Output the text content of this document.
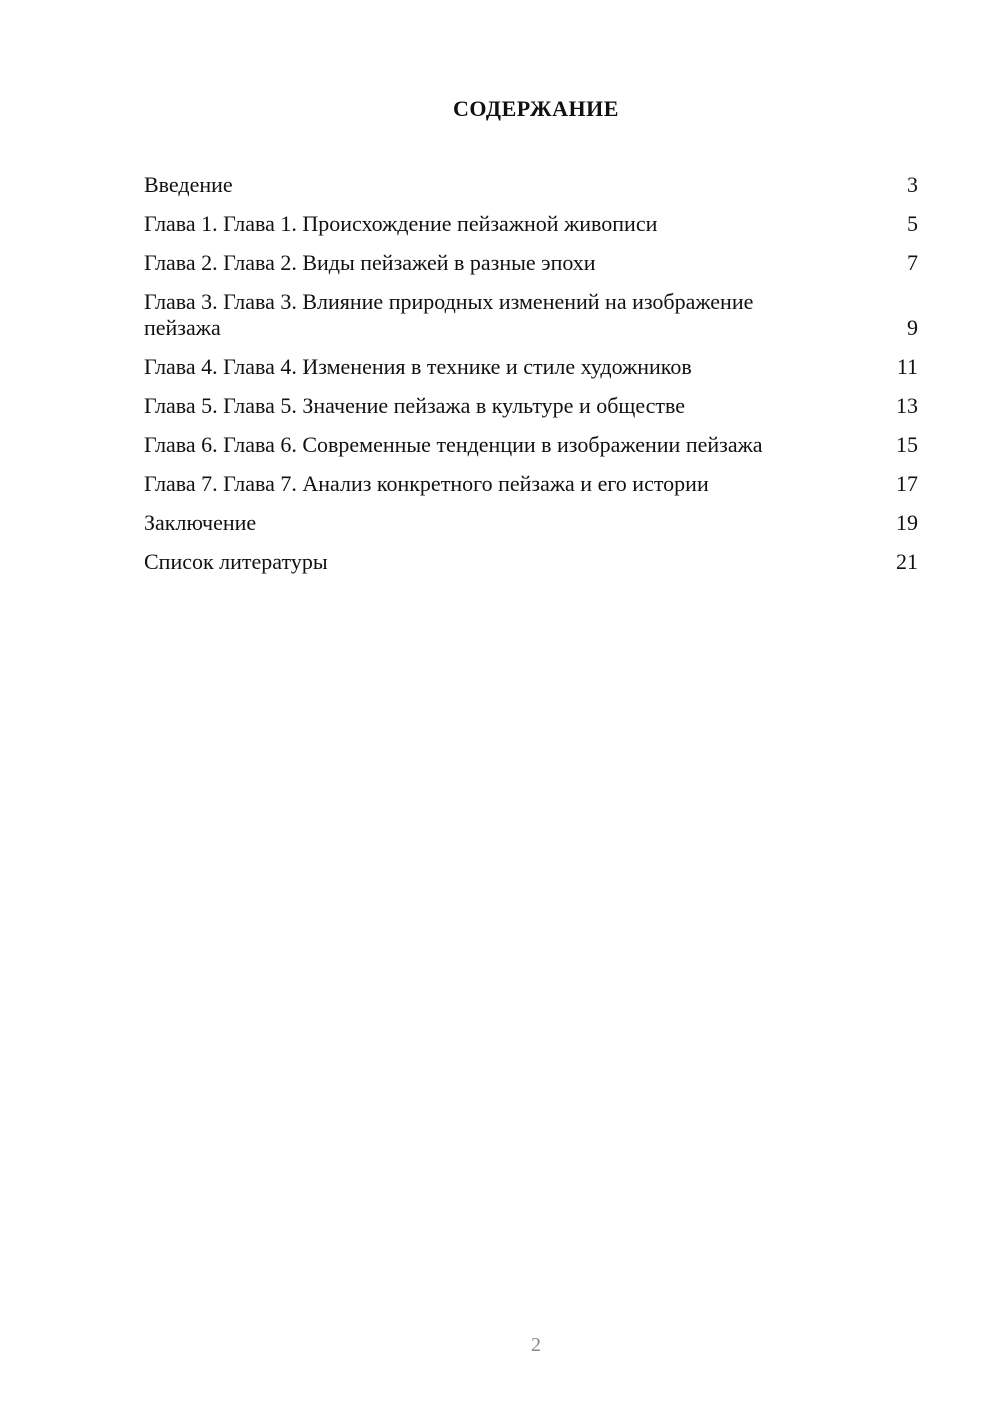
СОДЕРЖАНИЕ
Введение	3
Глава 1. Глава 1. Происхождение пейзажной живописи	5
Глава 2. Глава 2. Виды пейзажей в разные эпохи	7
Глава 3. Глава 3. Влияние природных изменений на изображение пейзажа	9
Глава 4. Глава 4. Изменения в технике и стиле художников	11
Глава 5. Глава 5. Значение пейзажа в культуре и обществе	13
Глава 6. Глава 6. Современные тенденции в изображении пейзажа	15
Глава 7. Глава 7. Анализ конкретного пейзажа и его истории	17
Заключение	19
Список литературы	21
2
